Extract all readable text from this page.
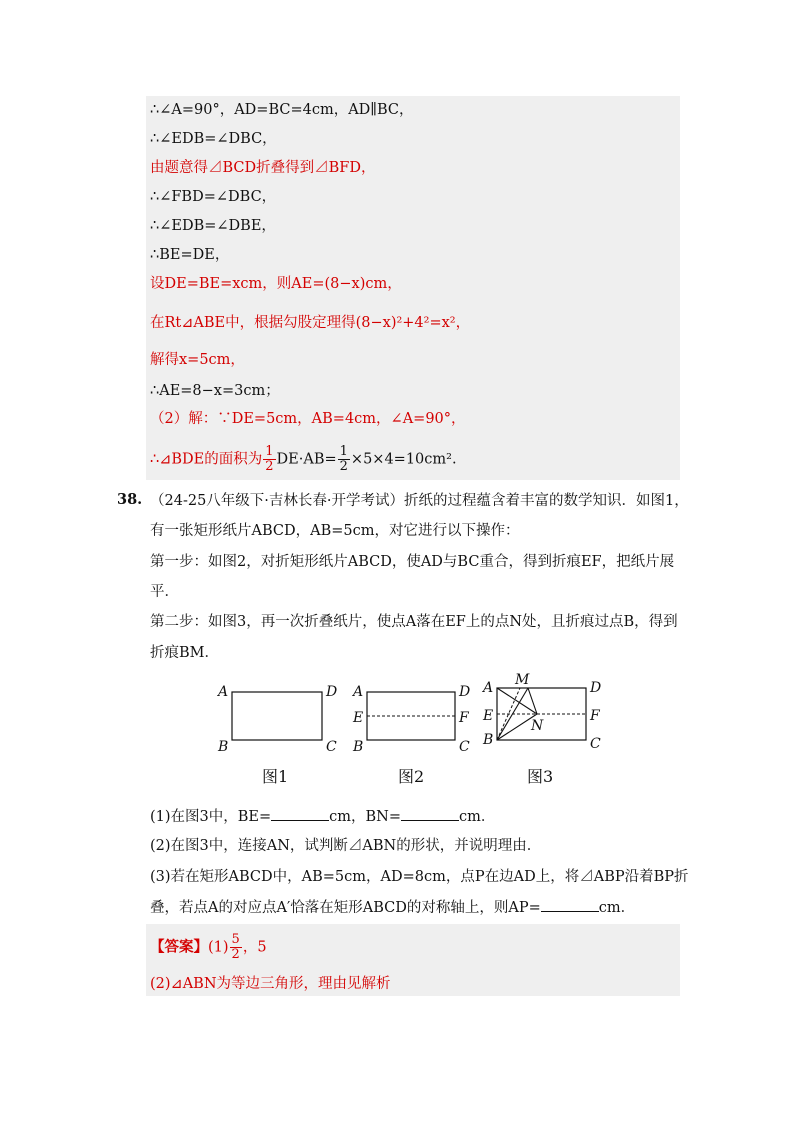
∴∠A=90°，AD=BC=4cm，AD∥BC，
∴∠EDB=∠DBC，
由题意得⊿BCD折叠得到⊿BFD，
∴∠FBD=∠DBC，
∴∠EDB=∠DBE，
∴BE=DE，
设DE=BE=xcm，则AE=(8−x)cm，
在Rt⊿ABE中，根据勾股定理得(8−x)²+4²=x²，
解得x=5cm，
∴AE=8−x=3cm；
（2）解：∵DE=5cm，AB=4cm，∠A=90°，
∴⊿BDE的面积为 $\frac{1}{2} DE\cdot AB= \frac{1}{2} \times 5\times 4=10cm^2$.
38. （24-25八年级下·吉林长春·开学考试）折纸的过程蕴含着丰富的数学知识．如图1，
有一张矩形纸片ABCD，AB=5cm，对它进行以下操作：
第一步：如图2，对折矩形纸片ABCD，使AD与BC重合，得到折痕EF，把纸片展
平．
第二步：如图3，再一次折叠纸片，使点A落在EF上的点N处，且折痕过点B，得到
折痕BM．
A	D
B	C
A	D
E	F
B	C
A M	D
E	F
N
B	C
图1	图2	图3
(1)在图3中，BE=	cm，BN=	cm．
(2)在图3中，连接AN，试判断⊿ABN的形状，并说明理由．
(3)若在矩形ABCD中，AB=5cm，AD=8cm，点P在边AD上，将⊿ABP沿着BP折
叠，若点A的对应点A′恰落在矩形ABCD的对称轴上，则AP=	cm．
【答案】$(1) \frac{5}{2}$ ，5
(2)⊿ABN为等边三角形，理由见解析
